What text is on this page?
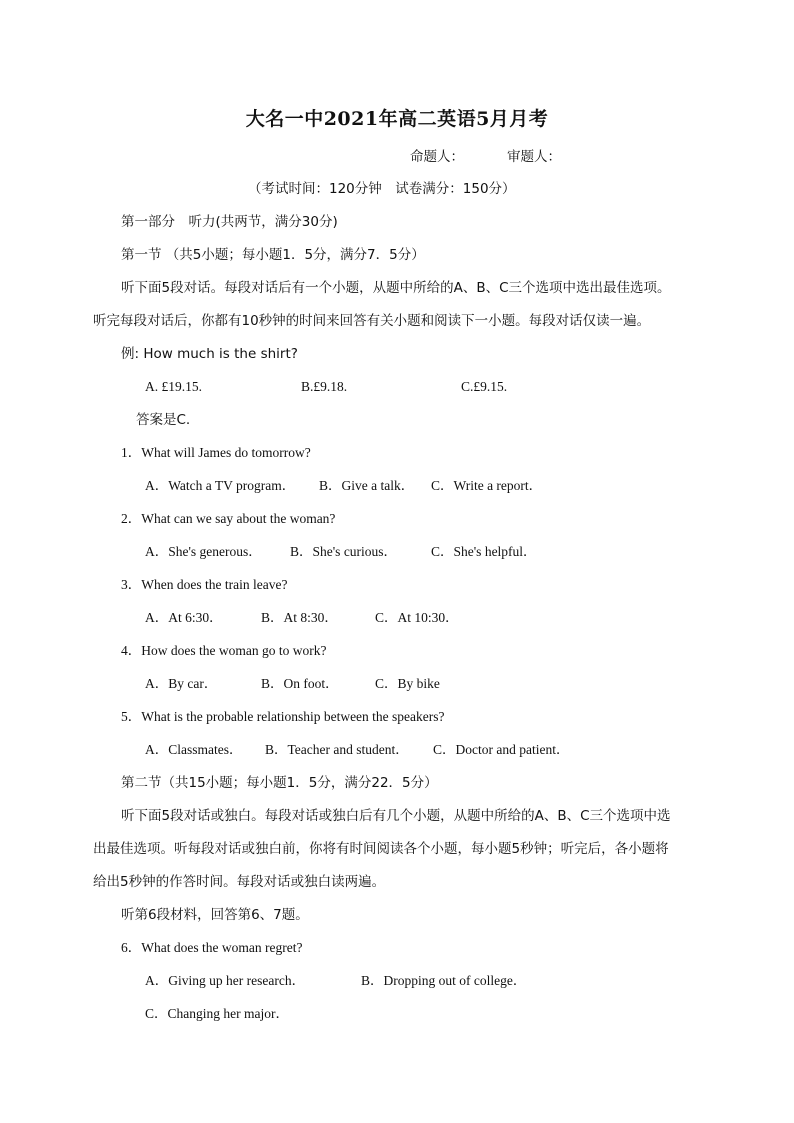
大名一中2021年高二英语5月月考
命题人：	审题人：
（考试时间：120分钟　试卷满分：150分）
第一部分　听力(共两节，满分30分)
第一节 （共5小题；每小题1．5分，满分7．5分）
听下面5段对话。每段对话后有一个小题，从题中所给的A、B、C三个选项中选出最佳选项。
听完每段对话后，你都有10秒钟的时间来回答有关小题和阅读下一小题。每段对话仅读一遍。
例: How much is the shirt?
A. £19.15.	B.£9.18.	C.£9.15.
答案是C.
1．What will James do tomorrow?
A．Watch a TV program． B．Give a talk． C．Write a report．
2．What can we say about the woman?
A．She's generous． B．She's curious．	C．She's helpful．
3．When does the train leave?
A．At 6:30．	B．At 8:30．	C．At 10:30．
4．How does the woman go to work?
A．By car．	B．On foot．	C．By bike
5．What is the probable relationship between the speakers?
A．Classmates． B．Teacher and student． C．Doctor and patient．
第二节（共15小题；每小题1．5分，满分22．5分）
听下面5段对话或独白。每段对话或独白后有几个小题，从题中所给的A、B、C三个选项中选
出最佳选项。听每段对话或独白前，你将有时间阅读各个小题，每小题5秒钟；听完后，各小题将
给出5秒钟的作答时间。每段对话或独白读两遍。
听第6段材料，回答第6、7题。
6．What does the woman regret?
A．Giving up her research．	B．Dropping out of college．
C．Changing her major．
